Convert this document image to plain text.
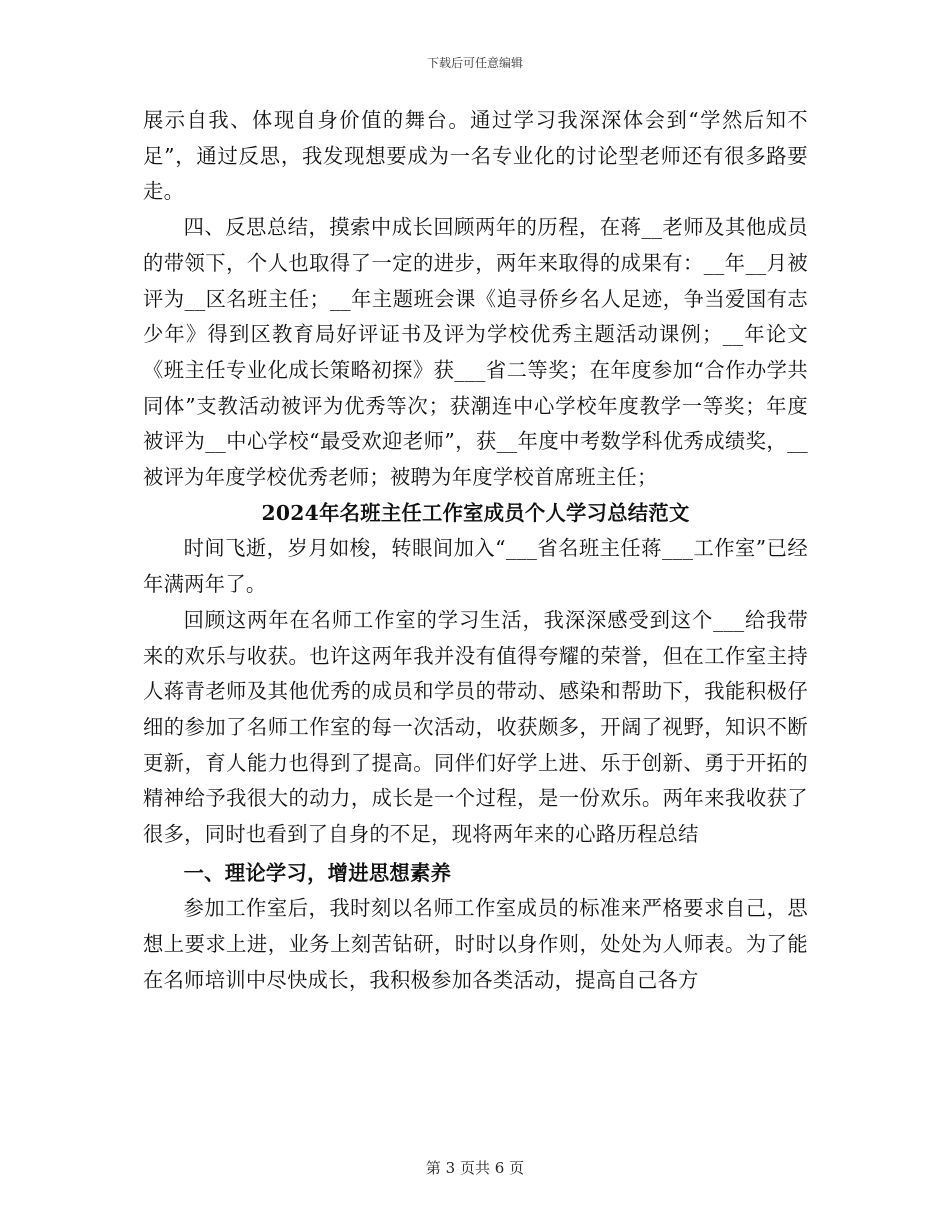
下载后可任意编辑

展示自我、体现自身价值的舞台。通过学习我深深体会到“学然后知不足”，通过反思，我发现想要成为一名专业化的讨论型老师还有很多路要走。

四、反思总结，摸索中成长回顾两年的历程，在蒋__老师及其他成员的带领下，个人也取得了一定的进步，两年来取得的成果有：__年__月被评为__区名班主任；__年主题班会课《追寻侨乡名人足迹，争当爱国有志少年》得到区教育局好评证书及评为学校优秀主题活动课例；__年论文《班主任专业化成长策略初探》获___省二等奖；在年度参加“合作办学共同体”支教活动被评为优秀等次；获潮连中心学校年度教学一等奖；年度被评为__中心学校“最受欢迎老师”，获__年度中考数学科优秀成绩奖，__被评为年度学校优秀老师；被聘为年度学校首席班主任；

2024年名班主任工作室成员个人学习总结范文

时间飞逝，岁月如梭，转眼间加入“___省名班主任蒋___工作室”已经年满两年了。

回顾这两年在名师工作室的学习生活，我深深感受到这个___给我带来的欢乐与收获。也许这两年我并没有值得夸耀的荣誉，但在工作室主持人蒋青老师及其他优秀的成员和学员的带动、感染和帮助下，我能积极仔细的参加了名师工作室的每一次活动，收获颇多，开阔了视野，知识不断更新，育人能力也得到了提高。同伴们好学上进、乐于创新、勇于开拓的精神给予我很大的动力，成长是一个过程，是一份欢乐。两年来我收获了很多，同时也看到了自身的不足，现将两年来的心路历程总结

一、理论学习，增进思想素养

参加工作室后，我时刻以名师工作室成员的标准来严格要求自己，思想上要求上进，业务上刻苦钻研，时时以身作则，处处为人师表。为了能在名师培训中尽快成长，我积极参加各类活动，提高自己各方

第 3 页共 6 页
